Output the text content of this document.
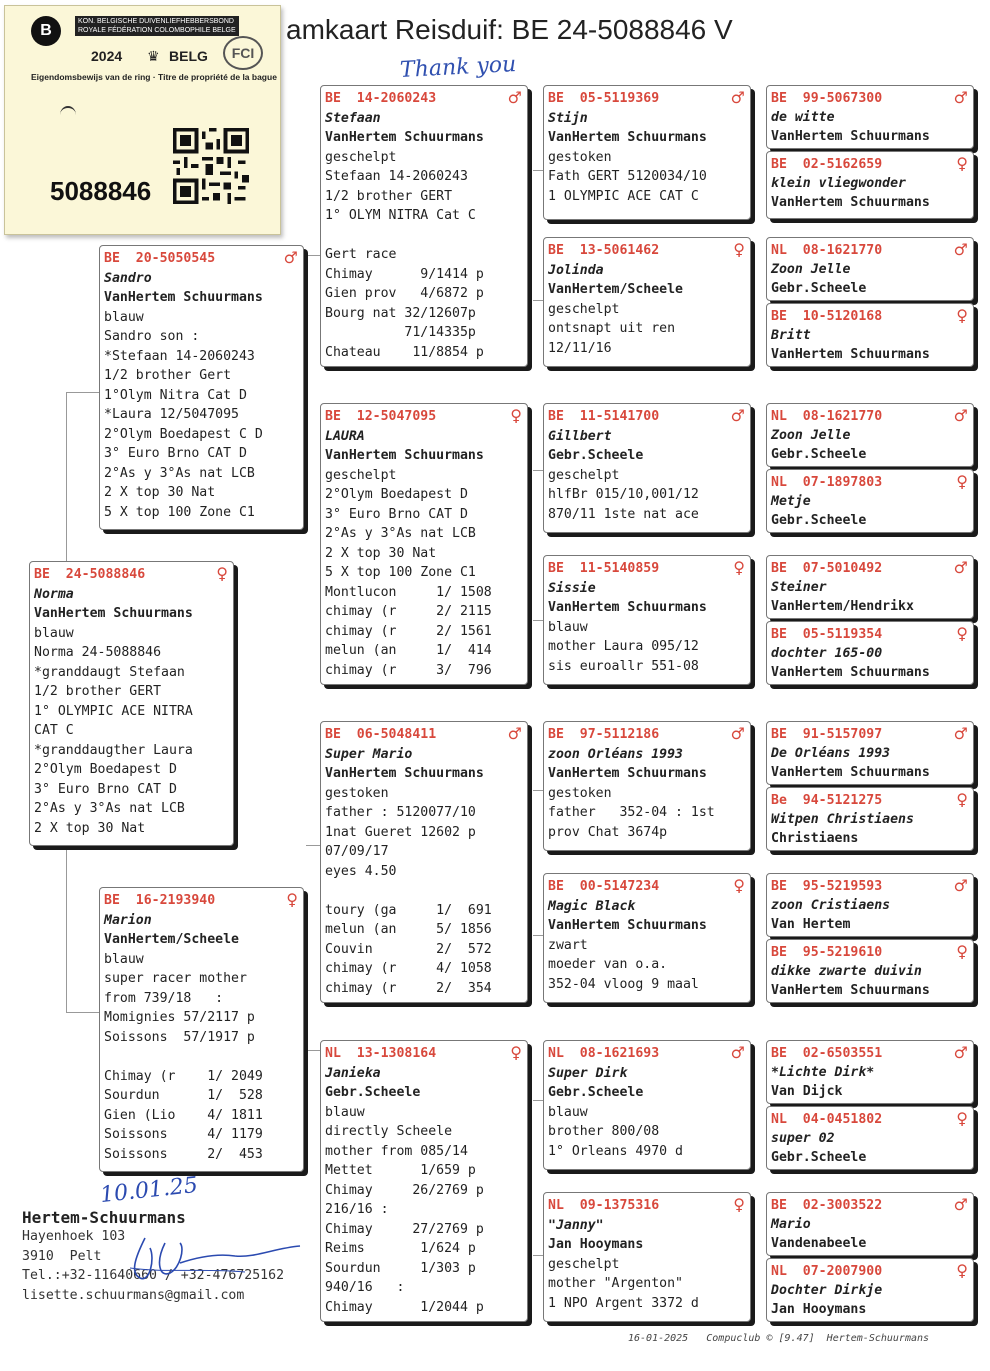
amkaart Reisduif: BE 24-5088846 V
Thank you
B
KON. BELGISCHE DUIVENLIEFHEBBERSBOND
ROYALE FÉDÉRATION COLOMBOPHILE BELGE
2024 ♛ BELG	FCI
Eigendomsbewijs van de ring · Titre de propriété de la bague
5088846
BE  24-5088846	♀
Norma
VanHertem Schuurmans
blauw
Norma 24-5088846
*granddaugt Stefaan
1/2 brother GERT
1° OLYMPIC ACE NITRA
CAT C
*granddaugther Laura
2°Olym Boedapest D
3° Euro Brno CAT D
2°As y 3°As nat LCB
2 X top 30 Nat
BE  20-5050545	♂
Sandro
VanHertem Schuurmans
blauw
Sandro son :
*Stefaan 14-2060243
1/2 brother Gert
1°Olym Nitra Cat D
*Laura 12/5047095
2°Olym Boedapest C D
3° Euro Brno CAT D
2°As y 3°As nat LCB
2 X top 30 Nat
5 X top 100 Zone C1
BE  16-2193940	♀
Marion
VanHertem/Scheele
blauw
super racer mother
from 739/18   :
Momignies 57/2117 p
Soissons  57/1917 p
Chimay (r    1/ 2049
Sourdun      1/  528
Gien (Lio    4/ 1811
Soissons     4/ 1179
Soissons     2/  453
BE  14-2060243	♂
Stefaan
VanHertem Schuurmans
geschelpt
Stefaan 14-2060243
1/2 brother GERT
1° OLYM NITRA Cat C
Gert race
Chimay      9/1414 p
Gien prov   4/6872 p
Bourg nat 32/12607p
71/14335p
Chateau    11/8854 p
BE  12-5047095	♀
LAURA
VanHertem Schuurmans
geschelpt
2°Olym Boedapest D
3° Euro Brno CAT D
2°As y 3°As nat LCB
2 X top 30 Nat
5 X top 100 Zone C1
Montlucon     1/ 1508
chimay (r     2/ 2115
chimay (r     2/ 1561
melun (an     1/  414
chimay (r     3/  796
BE  06-5048411	♂
Super Mario
VanHertem Schuurmans
gestoken
father : 5120077/10
1nat Gueret 12602 p
07/09/17
eyes 4.50
toury (ga     1/  691
melun (an     5/ 1856
Couvin        2/  572
chimay (r     4/ 1058
chimay (r     2/  354
NL  13-1308164	♀
Janieka
Gebr.Scheele
blauw
directly Scheele
mother from 085/14
Mettet      1/659 p
Chimay     26/2769 p
216/16 :
Chimay     27/2769 p
Reims       1/624 p
Sourdun     1/303 p
940/16   :
Chimay      1/2044 p
BE  05-5119369	♂
Stijn
VanHertem Schuurmans
gestoken
Fath GERT 5120034/10
1 OLYMPIC ACE CAT C
BE  13-5061462	♀
Jolinda
VanHertem/Scheele
geschelpt
ontsnapt uit ren
12/11/16
BE  11-5141700	♂
Gillbert
Gebr.Scheele
geschelpt
hlfBr 015/10,001/12
870/11 1ste nat ace
BE  11-5140859	♀
Sissie
VanHertem Schuurmans
blauw
mother Laura 095/12
sis euroallr 551-08
BE  97-5112186	♂
zoon Orléans 1993
VanHertem Schuurmans
gestoken
father   352-04 : 1st
prov Chat 3674p
BE  00-5147234	♀
Magic Black
VanHertem Schuurmans
zwart
moeder van o.a.
352-04 vloog 9 maal
NL  08-1621693	♂
Super Dirk
Gebr.Scheele
blauw
brother 800/08
1° Orleans 4970 d
NL  09-1375316	♀
"Janny"
Jan Hooymans
geschelpt
mother "Argenton"
1 NPO Argent 3372 d
BE  99-5067300	♂
de witte
VanHertem Schuurmans
BE  02-5162659	♀
klein vliegwonder
VanHertem Schuurmans
NL  08-1621770	♂
Zoon Jelle
Gebr.Scheele
BE  10-5120168	♀
Britt
VanHertem Schuurmans
NL  08-1621770	♂
Zoon Jelle
Gebr.Scheele
NL  07-1897803	♀
Metje
Gebr.Scheele
BE  07-5010492	♂
Steiner
VanHertem/Hendrikx
BE  05-5119354	♀
dochter 165-00
VanHertem Schuurmans
BE  91-5157097	♂
De Orléans 1993
VanHertem Schuurmans
Be  94-5121275	♀
Witpen Christiaens
Christiaens
BE  95-5219593	♂
zoon Cristiaens
Van Hertem
BE  95-5219610	♀
dikke zwarte duivin
VanHertem Schuurmans
BE  02-6503551	♂
*Lichte Dirk*
Van Dijck
NL  04-0451802	♀
super 02
Gebr.Scheele
BE  02-3003522	♂
Mario
Vandenabeele
NL  07-2007900	♀
Dochter Dirkje
Jan Hooymans
10.01.25
Hertem-Schuurmans
Hayenhoek 103
3910  Pelt
Tel.:+32-11640660 / +32-476725162
lisette.schuurmans@gmail.com
16-01-2025   Compuclub © [9.47]  Hertem-Schuurmans
